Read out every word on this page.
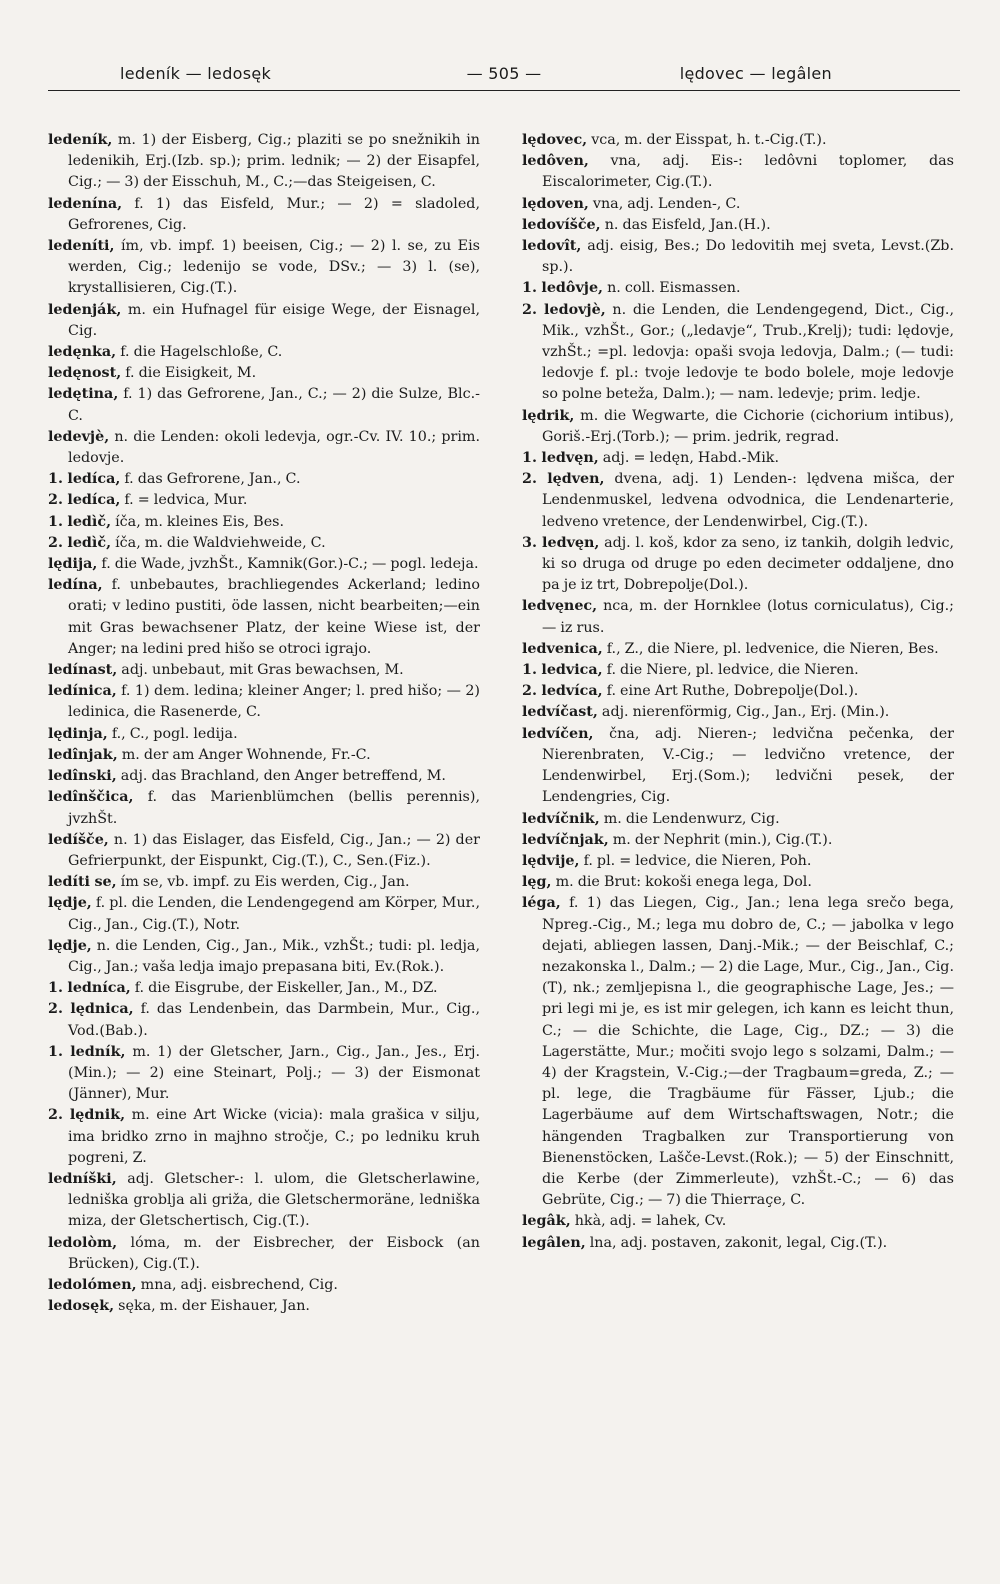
— 505 —
ledeník — ledosęk	lędovec — legâlen

ledeník, m. 1) der Eisberg, Cig.; plaziti se po snežnikih in ledenikih, Erj.(Izb. sp.); prim. lednik; — 2) der Eisapfel, Cig.; — 3) der Eisschuh, M., C.;—das Steigeisen, C.

ledenína, f. 1) das Eisfeld, Mur.; — 2) = sladoled, Gefrorenes, Cig.

ledeníti, ím, vb. impf. 1) beeisen, Cig.; — 2) l. se, zu Eis werden, Cig.; ledenijo se vode, DSv.; — 3) l. (se), krystallisieren, Cig.(T.).

ledenják, m. ein Hufnagel für eisige Wege, der Eisnagel, Cig.

ledęnka, f. die Hagelschloße, C.

ledęnost, f. die Eisigkeit, M.

ledętina, f. 1) das Gefrorene, Jan., C.; — 2) die Sulze, Blc.-C.

ledevjè, n. die Lenden: okoli ledevja, ogr.-Cv. IV. 10.; prim. ledovje.

1. ledíca, f. das Gefrorene, Jan., C.

2. ledíca, f. = ledvica, Mur.

1. ledìč, íča, m. kleines Eis, Bes.

2. ledìč, íča, m. die Waldviehweide, C.

lędija, f. die Wade, jvzhŠt., Kamnik(Gor.)-C.; — pogl. ledeja.

ledína, f. unbebautes, brachliegendes Ackerland; ledino orati; v ledino pustiti, öde lassen, nicht bearbeiten;—ein mit Gras bewachsener Platz, der keine Wiese ist, der Anger; na ledini pred hišo se otroci igrajo.

ledínast, adj. unbebaut, mit Gras bewachsen, M.

ledínica, f. 1) dem. ledina; kleiner Anger; l. pred hišo; — 2) ledinica, die Rasenerde, C.

lędinja, f., C., pogl. ledija.

ledînjak, m. der am Anger Wohnende, Fr.-C.

ledînski, adj. das Brachland, den Anger betreffend, M.

ledînščica, f. das Marienblümchen (bellis perennis), jvzhŠt.

ledíšče, n. 1) das Eislager, das Eisfeld, Cig., Jan.; — 2) der Gefrierpunkt, der Eispunkt, Cig.(T.), C., Sen.(Fiz.).

ledíti se, ím se, vb. impf. zu Eis werden, Cig., Jan.

lędje, f. pl. die Lenden, die Lendengegend am Körper, Mur., Cig., Jan., Cig.(T.), Notr.

lędje, n. die Lenden, Cig., Jan., Mik., vzhŠt.; tudi: pl. ledja, Cig., Jan.; vaša ledja imajo prepasana biti, Ev.(Rok.).

1. ledníca, f. die Eisgrube, der Eiskeller, Jan., M., DZ.

2. lędnica, f. das Lendenbein, das Darmbein, Mur., Cig., Vod.(Bab.).

1. ledník, m. 1) der Gletscher, Jarn., Cig., Jan., Jes., Erj.(Min.); — 2) eine Steinart, Polj.; — 3) der Eismonat (Jänner), Mur.

2. lędnik, m. eine Art Wicke (vicia): mala grašica v silju, ima bridko zrno in majhno stročje, C.; po ledniku kruh pogreni, Z.

ledníški, adj. Gletscher-: l. ulom, die Gletscherlawine, ledniška groblja ali griža, die Gletschermoräne, ledniška miza, der Gletschertisch, Cig.(T.).

ledolòm, lóma, m. der Eisbrecher, der Eisbock (an Brücken), Cig.(T.).

ledolómen, mna, adj. eisbrechend, Cig.

ledosęk, sęka, m. der Eishauer, Jan.

lędovec, vca, m. der Eisspat, h. t.-Cig.(T.).

ledôven, vna, adj. Eis-: ledôvni toplomer, das Eiscalorimeter, Cig.(T.).

lędoven, vna, adj. Lenden-, C.

ledovíšče, n. das Eisfeld, Jan.(H.).

ledovît, adj. eisig, Bes.; Do ledovitih mej sveta, Levst.(Zb. sp.).

1. ledôvje, n. coll. Eismassen.

2. ledovjè, n. die Lenden, die Lendengegend, Dict., Cig., Mik., vzhŠt., Gor.; („ledavje“, Trub.,Krelj); tudi: lędovje, vzhŠt.; =pl. ledovja: opaši svoja ledovja, Dalm.; (— tudi: ledovje f. pl.: tvoje ledovje te bodo bolele, moje ledovje so polne beteža, Dalm.); — nam. ledevje; prim. ledje.

lędrik, m. die Wegwarte, die Cichorie (cichorium intibus), Goriš.-Erj.(Torb.); — prim. jedrik, regrad.

1. ledvęn, adj. = ledęn, Habd.-Mik.

2. lędven, dvena, adj. 1) Lenden-: lędvena mišca, der Lendenmuskel, ledvena odvodnica, die Lendenarterie, ledveno vretence, der Lendenwirbel, Cig.(T.).

3. ledvęn, adj. l. koš, kdor za seno, iz tankih, dolgih ledvic, ki so druga od druge po eden decimeter oddaljene, dno pa je iz trt, Dobrepolje(Dol.).

ledvęnec, nca, m. der Hornklee (lotus corniculatus), Cig.; — iz rus.

ledvenica, f., Z., die Niere, pl. ledvenice, die Nieren, Bes.

1. ledvica, f. die Niere, pl. ledvice, die Nieren.

2. ledvíca, f. eine Art Ruthe, Dobrepolje(Dol.).

ledvíčast, adj. nierenförmig, Cig., Jan., Erj. (Min.).

ledvíčen, čna, adj. Nieren-; ledvična pečenka, der Nierenbraten, V.-Cig.; — ledvično vretence, der Lendenwirbel, Erj.(Som.); ledvični pesek, der Lendengries, Cig.

ledvíčnik, m. die Lendenwurz, Cig.

ledvíčnjak, m. der Nephrit (min.), Cig.(T.).

lędvije, f. pl. = ledvice, die Nieren, Poh.

lęg, m. die Brut: kokoši enega lega, Dol.

léga, f. 1) das Liegen, Cig., Jan.; lena lega srečo bega, Npreg.-Cig., M.; lega mu dobro de, C.; — jabolka v lego dejati, abliegen lassen, Danj.-Mik.; — der Beischlaf, C.; nezakonska l., Dalm.; — 2) die Lage, Mur., Cig., Jan., Cig.(T), nk.; zemljepisna l., die geographische Lage, Jes.; — pri legi mi je, es ist mir gelegen, ich kann es leicht thun, C.; — die Schichte, die Lage, Cig., DZ.; — 3) die Lagerstätte, Mur.; močiti svojo lego s solzami, Dalm.; — 4) der Kragstein, V.-Cig.;—der Tragbaum=greda, Z.; — pl. lege, die Tragbäume für Fässer, Ljub.; die Lagerbäume auf dem Wirtschaftswagen, Notr.; die hängenden Tragbalken zur Transportierung von Bienenstöcken, Lašče-Levst.(Rok.); — 5) der Einschnitt, die Kerbe (der Zimmerleute), vzhŠt.-C.; — 6) das Gebrüte, Cig.; — 7) die Thierraçe, C.

legâk, hkà, adj. = lahek, Cv.

legâlen, lna, adj. postaven, zakonit, legal, Cig.(T.).
